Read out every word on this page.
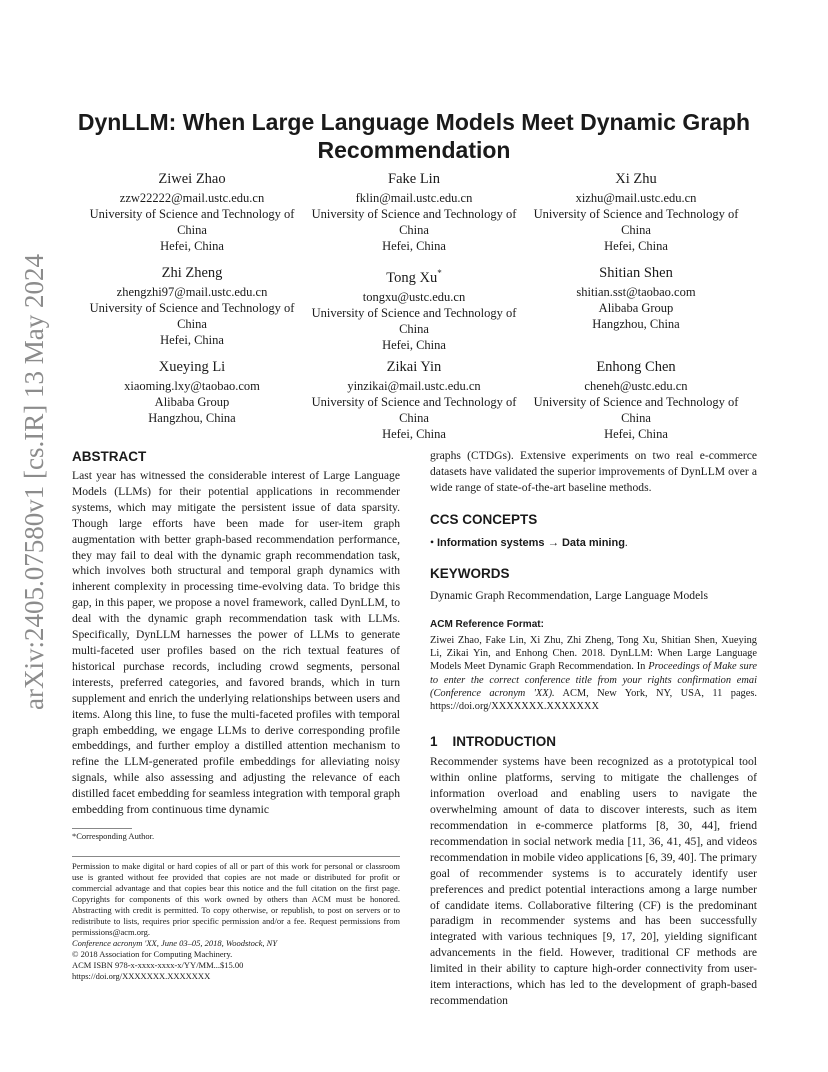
arXiv:2405.07580v1 [cs.IR] 13 May 2024
DynLLM: When Large Language Models Meet Dynamic Graph Recommendation
Ziwei Zhao
zzw22222@mail.ustc.edu.cn
University of Science and Technology of China
Hefei, China
Fake Lin
fklin@mail.ustc.edu.cn
University of Science and Technology of China
Hefei, China
Xi Zhu
xizhu@mail.ustc.edu.cn
University of Science and Technology of China
Hefei, China
Zhi Zheng
zhengzhi97@mail.ustc.edu.cn
University of Science and Technology of China
Hefei, China
Tong Xu*
tongxu@ustc.edu.cn
University of Science and Technology of China
Hefei, China
Shitian Shen
shitian.sst@taobao.com
Alibaba Group
Hangzhou, China
Xueying Li
xiaoming.lxy@taobao.com
Alibaba Group
Hangzhou, China
Zikai Yin
yinzikai@mail.ustc.edu.cn
University of Science and Technology of China
Hefei, China
Enhong Chen
cheneh@ustc.edu.cn
University of Science and Technology of China
Hefei, China
ABSTRACT

Last year has witnessed the considerable interest of Large Language Models (LLMs) for their potential applications in recommender systems, which may mitigate the persistent issue of data sparsity. Though large efforts have been made for user-item graph augmentation with better graph-based recommendation performance, they may fail to deal with the dynamic graph recommendation task, which involves both structural and temporal graph dynamics with inherent complexity in processing time-evolving data. To bridge this gap, in this paper, we propose a novel framework, called DynLLM, to deal with the dynamic graph recommendation task with LLMs. Specifically, DynLLM harnesses the power of LLMs to generate multi-faceted user profiles based on the rich textual features of historical purchase records, including crowd segments, personal interests, preferred categories, and favored brands, which in turn supplement and enrich the underlying relationships between users and items. Along this line, to fuse the multi-faceted profiles with temporal graph embedding, we engage LLMs to derive corresponding profile embeddings, and further employ a distilled attention mechanism to refine the LLM-generated profile embeddings for alleviating noisy signals, while also assessing and adjusting the relevance of each distilled facet embedding for seamless integration with temporal graph embedding from continuous time dynamic

*Corresponding Author.

Permission to make digital or hard copies of all or part of this work for personal or classroom use is granted without fee provided that copies are not made or distributed for profit or commercial advantage and that copies bear this notice and the full citation on the first page. Copyrights for components of this work owned by others than ACM must be honored. Abstracting with credit is permitted. To copy otherwise, or republish, to post on servers or to redistribute to lists, requires prior specific permission and/or a fee. Request permissions from permissions@acm.org.

Conference acronym 'XX, June 03–05, 2018, Woodstock, NY
© 2018 Association for Computing Machinery.
ACM ISBN 978-x-xxxx-xxxx-x/YY/MM...$15.00
https://doi.org/XXXXXXX.XXXXXXX

graphs (CTDGs). Extensive experiments on two real e-commerce datasets have validated the superior improvements of DynLLM over a wide range of state-of-the-art baseline methods.

CCS CONCEPTS

• Information systems → Data mining.

KEYWORDS

Dynamic Graph Recommendation, Large Language Models

ACM Reference Format:

Ziwei Zhao, Fake Lin, Xi Zhu, Zhi Zheng, Tong Xu, Shitian Shen, Xueying Li, Zikai Yin, and Enhong Chen. 2018. DynLLM: When Large Language Models Meet Dynamic Graph Recommendation. In Proceedings of Make sure to enter the correct conference title from your rights confirmation emai (Conference acronym 'XX). ACM, New York, NY, USA, 11 pages. https://doi.org/XXXXXXX.XXXXXXX

1    INTRODUCTION

Recommender systems have been recognized as a prototypical tool within online platforms, serving to mitigate the challenges of information overload and enabling users to navigate the overwhelming amount of data to discover interests, such as item recommendation in e-commerce platforms [8, 30, 44], friend recommendation in social network media [11, 36, 41, 45], and videos recommendation in mobile video applications [6, 39, 40]. The primary goal of recommender systems is to accurately identify user preferences and predict potential interactions among a large number of candidate items. Collaborative filtering (CF) is the predominant paradigm in recommender systems and has been successfully integrated with various techniques [9, 17, 20], yielding significant advancements in the field. However, traditional CF methods are limited in their ability to capture high-order connectivity from user-item interactions, which has led to the development of graph-based recommendation
